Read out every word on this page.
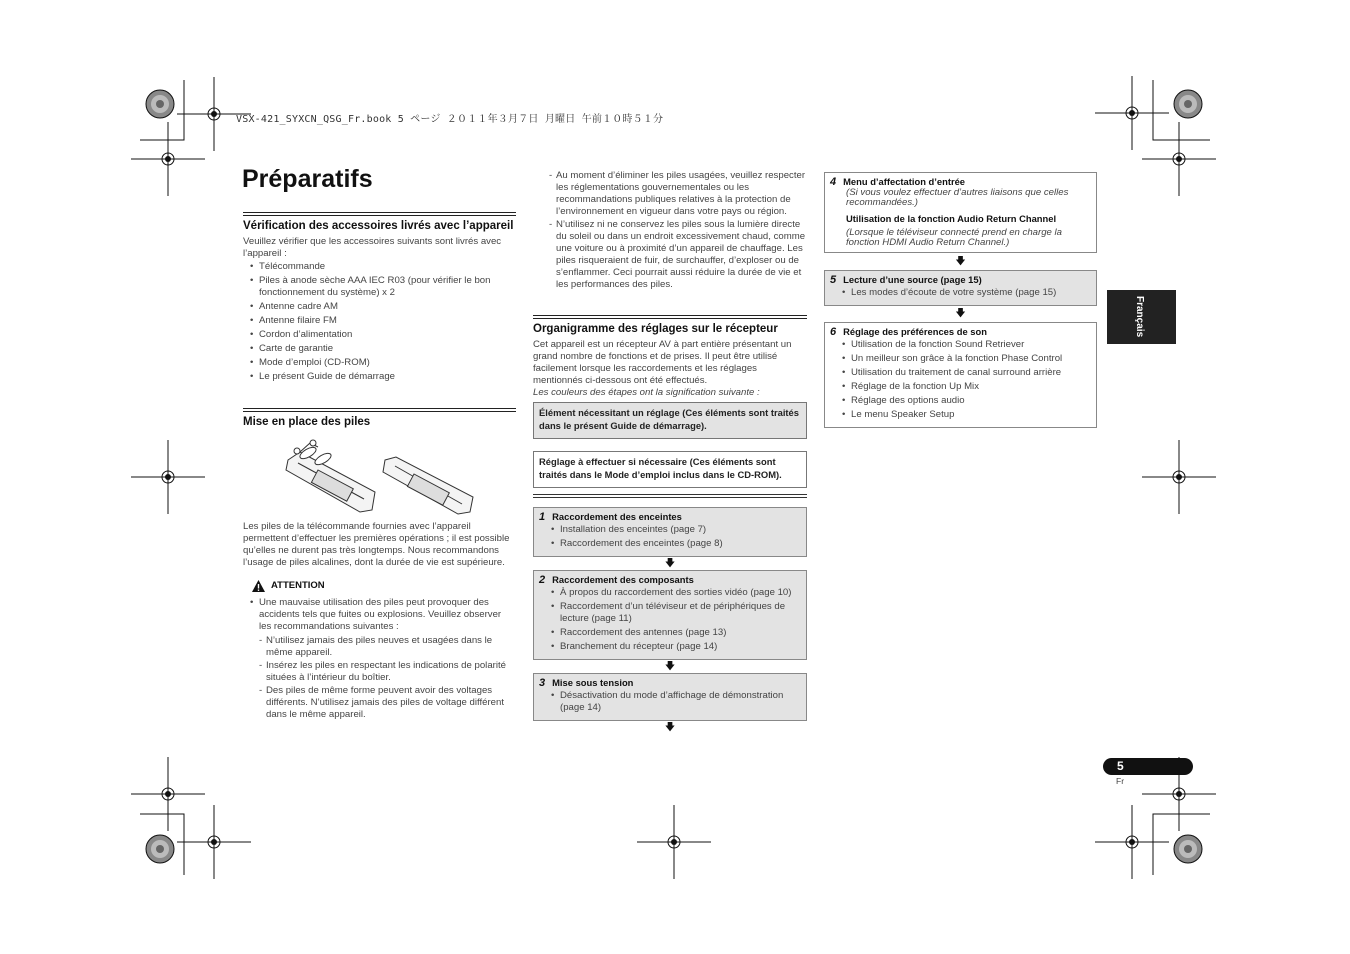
VSX-421_SYXCN_QSG_Fr.book 5 ページ ２０１１年３月７日 月曜日 午前１０時５１分
Préparatifs
Vérification des accessoires livrés avec l’appareil

Veuillez vérifier que les accessoires suivants sont livrés avec l’appareil :

• Télécommande
• Piles à anode sèche AAA IEC R03 (pour vérifier le bon fonctionnement du système) x 2
• Antenne cadre AM
• Antenne filaire FM
• Cordon d’alimentation
• Carte de garantie
• Mode d’emploi (CD-ROM)
• Le présent Guide de démarrage
Mise en place des piles

Les piles de la télécommande fournies avec l’appareil permettent d’effectuer les premières opérations ; il est possible qu’elles ne durent pas très longtemps. Nous recommandons l’usage de piles alcalines, dont la durée de vie est supérieure.

ATTENTION
• Une mauvaise utilisation des piles peut provoquer des accidents tels que fuites ou explosions. Veuillez observer les recommandations suivantes :
- N’utilisez jamais des piles neuves et usagées dans le même appareil.
- Insérez les piles en respectant les indications de polarité situées à l’intérieur du boîtier.
- Des piles de même forme peuvent avoir des voltages différents. N’utilisez jamais des piles de voltage différent dans le même appareil.
- Au moment d’éliminer les piles usagées, veuillez respecter les réglementations gouvernementales ou les recommandations publiques relatives à la protection de l’environnement en vigueur dans votre pays ou région.
- N’utilisez ni ne conservez les piles sous la lumière directe du soleil ou dans un endroit excessivement chaud, comme une voiture ou à proximité d’un appareil de chauffage. Les piles risqueraient de fuir, de surchauffer, d’exploser ou de s’enflammer. Ceci pourrait aussi réduire la durée de vie et les performances des piles.
Organigramme des réglages sur le récepteur

Cet appareil est un récepteur AV à part entière présentant un grand nombre de fonctions et de prises. Il peut être utilisé facilement lorsque les raccordements et les réglages mentionnés ci-dessous ont été effectués.

Les couleurs des étapes ont la signification suivante :

Élément nécessitant un réglage (Ces éléments sont traités dans le présent Guide de démarrage).
Réglage à effectuer si nécessaire (Ces éléments sont traités dans le Mode d’emploi inclus dans le CD-ROM).
1 Raccordement des enceintes
• Installation des enceintes (page 7)
• Raccordement des enceintes (page 8)
🡇
2 Raccordement des composants
• À propos du raccordement des sorties vidéo (page 10)
• Raccordement d’un téléviseur et de périphériques de lecture (page 11)
• Raccordement des antennes (page 13)
• Branchement du récepteur (page 14)
🡇
3 Mise sous tension
• Désactivation du mode d’affichage de démonstration (page 14)
🡇
4 Menu d’affectation d’entrée
(Si vous voulez effectuer d’autres liaisons que celles recommandées.)
Utilisation de la fonction Audio Return Channel
(Lorsque le téléviseur connecté prend en charge la fonction HDMI Audio Return Channel.)
🡇
5 Lecture d’une source (page 15)
• Les modes d’écoute de votre système (page 15)
🡇
6 Réglage des préférences de son
• Utilisation de la fonction Sound Retriever
• Un meilleur son grâce à la fonction Phase Control
• Utilisation du traitement de canal surround arrière
• Réglage de la fonction Up Mix
• Réglage des options audio
• Le menu Speaker Setup
Français
5
Fr
